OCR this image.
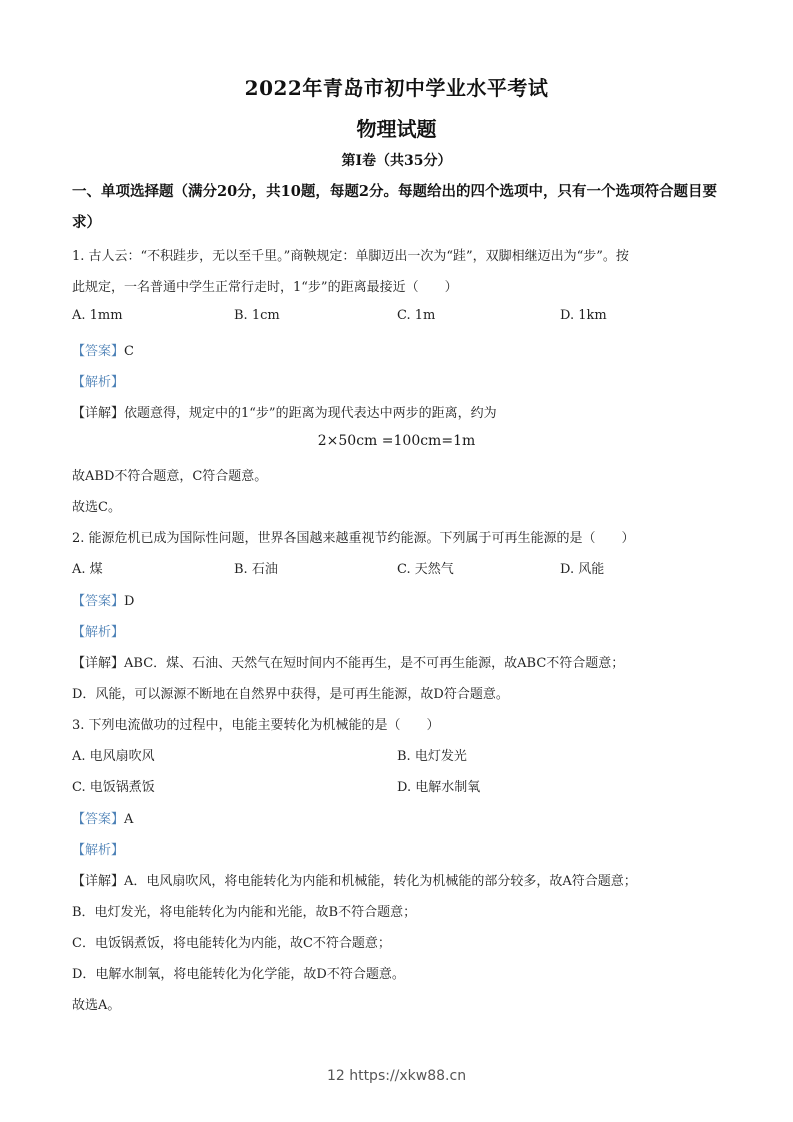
2022年青岛市初中学业水平考试
物理试题
第I卷（共35分）
一、单项选择题（满分20分，共10题，每题2分。每题给出的四个选项中，只有一个选项符合题目要求）
1. 古人云：“不积跬步，无以至千里。”商鞅规定：单脚迈出一次为“跬”，双脚相继迈出为“步”。按
此规定，一名普通中学生正常行走时，1“步”的距离最接近（　　）
A. 1mm	B. 1cm	C. 1m	D. 1km
【答案】C
【解析】
【详解】依题意得，规定中的1“步”的距离为现代表达中两步的距离，约为
2×50cm =100cm=1m
故ABD不符合题意，C符合题意。
故选C。
2. 能源危机已成为国际性问题，世界各国越来越重视节约能源。下列属于可再生能源的是（　　）
A. 煤	B. 石油	C. 天然气	D. 风能
【答案】D
【解析】
【详解】ABC．煤、石油、天然气在短时间内不能再生，是不可再生能源，故ABC不符合题意；
D．风能，可以源源不断地在自然界中获得，是可再生能源，故D符合题意。
3. 下列电流做功的过程中，电能主要转化为机械能的是（　　）
A. 电风扇吹风	B. 电灯发光
C. 电饭锅煮饭	D. 电解水制氧
【答案】A
【解析】
【详解】A．电风扇吹风，将电能转化为内能和机械能，转化为机械能的部分较多，故A符合题意；
B．电灯发光，将电能转化为内能和光能，故B不符合题意；
C．电饭锅煮饭，将电能转化为内能，故C不符合题意；
D．电解水制氧，将电能转化为化学能，故D不符合题意。
故选A。
12 https://xkw88.cn
